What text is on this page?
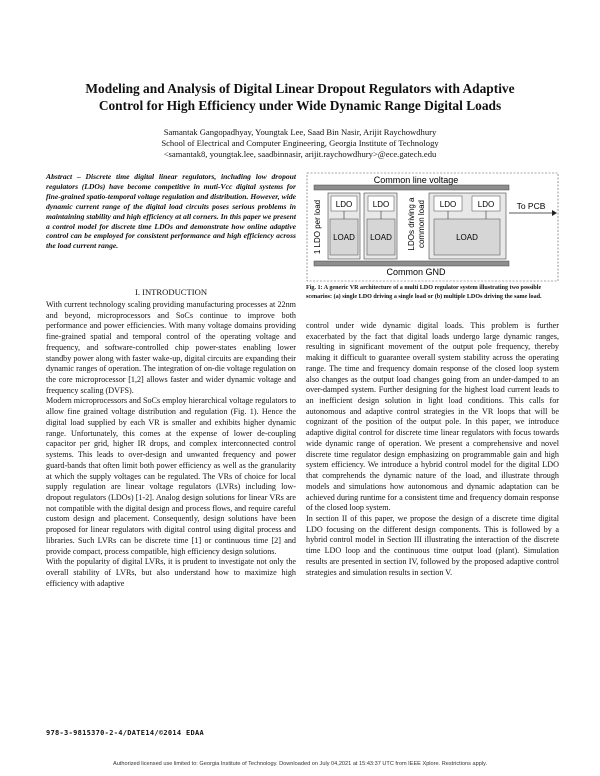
Modeling and Analysis of Digital Linear Dropout Regulators with Adaptive
Control for High Efficiency under Wide Dynamic Range Digital Loads
Samantak Gangopadhyay, Youngtak Lee, Saad Bin Nasir, Arijit Raychowdhury
School of Electrical and Computer Engineering, Georgia Institute of Technology
<samantak8, youngtak.lee, saadbinnasir, arijit.raychowdhury>@ece.gatech.edu

Abstract – Discrete time digital linear regulators, including low dropout regulators (LDOs) have become competitive in muti-Vcc digital systems for fine-grained spatio-temporal voltage regulation and distribution. However, wide dynamic current range of the digital load circuits poses serious problems in maintaining stability and high efficiency at all corners. In this paper we present a control model for discrete time LDOs and demonstrate how online adaptive control can be employed for consistent performance and high efficiency across the load current range.

I. INTRODUCTION

With current technology scaling providing manufacturing processes at 22nm and beyond, microprocessors and SoCs continue to improve both performance and power efficiencies. With many voltage domains providing fine-grained spatial and temporal control of the operating voltage and frequency, and software-controlled chip power-states enabling lower standby power along with faster wake-up, digital circuits are expanding their dynamic ranges of operation. The integration of on-die voltage regulation on the core microprocessor [1,2] allows faster and wider dynamic voltage and frequency scaling (DVFS).

Modern microprocessors and SoCs employ hierarchical voltage regulators to allow fine grained voltage distribution and regulation (Fig. 1). Hence the digital load supplied by each VR is smaller and exhibits higher dynamic range. Unfortunately, this comes at the expense of lower de-coupling capacitor per grid, higher IR drops, and complex interconnected control systems. This leads to over-design and unwanted frequency and power guard-bands that often limit both power efficiency as well as the granularity at which the supply voltages can be regulated. The VRs of choice for local supply regulation are linear voltage regulators (LVRs) including low-dropout regulators (LDOs) [1-2]. Analog design solutions for linear VRs are not compatible with the digital design and process flows, and require careful custom design and placement. Consequently, design solutions have been proposed for linear regulators with digital control using digital process and libraries. Such LVRs can be discrete time [1] or continuous time [2] and provide compact, process compatible, high efficiency design solutions.

With the popularity of digital LVRs, it is prudent to investigate not only the overall stability of LVRs, but also understand how to maximize high efficiency with adaptive

Common line voltage
Common GND
1 LDO per load LDO
LOAD
LDO
LOAD LDOs driving a common load LDO	LDO
LOAD
To PCB
Fig. 1: A generic VR architecture of a multi LDO regulator system illustrating two possible scenarios: (a) single LDO driving a single load or (b) multiple LDOs driving the same load.

control under wide dynamic digital loads. This problem is further exacerbated by the fact that digital loads undergo large dynamic ranges, resulting in significant movement of the output pole frequency, thereby making it difficult to guarantee overall system stability across the operating range. The time and frequency domain response of the closed loop system also changes as the output load changes going from an under-damped to an over-damped system. Further designing for the highest load current leads to an inefficient design solution in light load conditions. This calls for autonomous and adaptive control strategies in the VR loops that will be cognizant of the position of the output pole. In this paper, we introduce adaptive digital control for discrete time linear regulators with focus towards wide dynamic range of operation. We present a comprehensive and novel discrete time regulator design emphasizing on programmable gain and high system efficiency. We introduce a hybrid control model for the digital LDO that comprehends the dynamic nature of the load, and illustrate through models and simulations how autonomous and dynamic adaptation can be achieved during runtime for a consistent time and frequency domain response of the closed loop system.

In section II of this paper, we propose the design of a discrete time digital LDO focusing on the different design components. This is followed by a hybrid control model in Section III illustrating the interaction of the discrete time LDO loop and the continuous time output load (plant). Simulation results are presented in section IV, followed by the proposed adaptive control strategies and simulation results in section V.

978-3-9815370-2-4/DATE14/©2014 EDAA
Authorized licensed use limited to: Georgia Institute of Technology. Downloaded on July 04,2021 at 15:43:37 UTC from IEEE Xplore. Restrictions apply.
